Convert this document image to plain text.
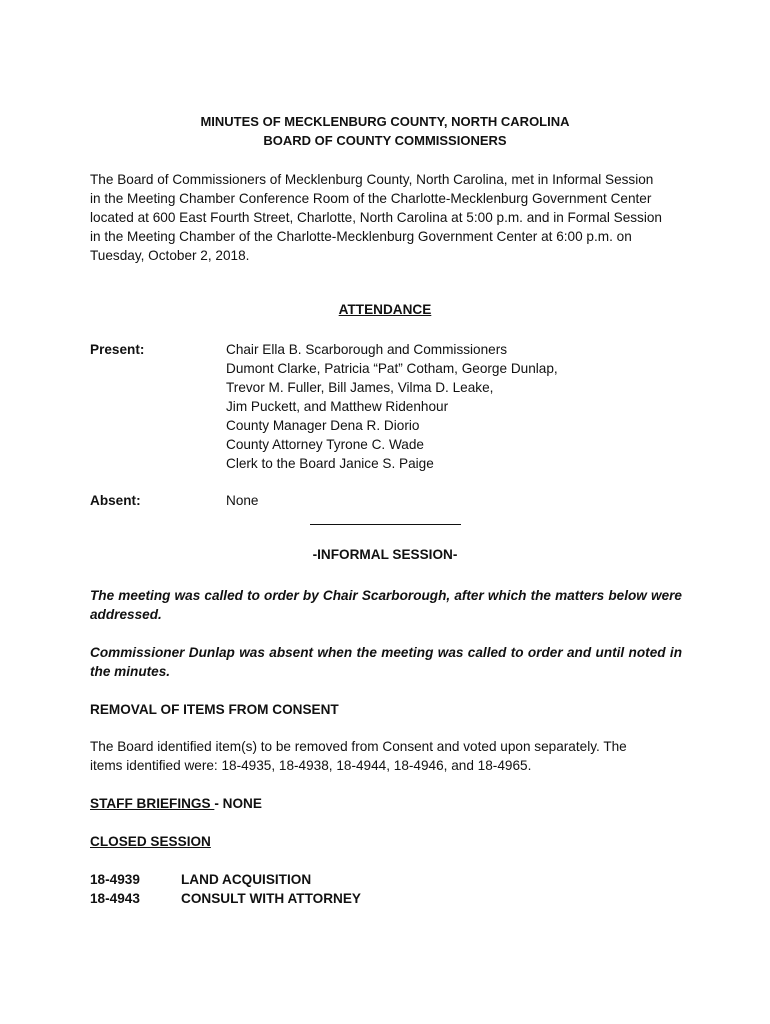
MINUTES OF MECKLENBURG COUNTY, NORTH CAROLINA
BOARD OF COUNTY COMMISSIONERS
The Board of Commissioners of Mecklenburg County, North Carolina, met in Informal Session
in the Meeting Chamber Conference Room of the Charlotte-Mecklenburg Government Center
located at 600 East Fourth Street, Charlotte, North Carolina at 5:00 p.m. and in Formal Session
in the Meeting Chamber of the Charlotte-Mecklenburg Government Center at 6:00 p.m. on
Tuesday, October 2, 2018.
ATTENDANCE
Present:	Chair Ella B. Scarborough and Commissioners
Dumont Clarke, Patricia “Pat” Cotham, George Dunlap,
Trevor M. Fuller, Bill James, Vilma D. Leake,
Jim Puckett, and Matthew Ridenhour
County Manager Dena R. Diorio
County Attorney Tyrone C. Wade
Clerk to the Board Janice S. Paige
Absent:	None
-INFORMAL SESSION-
The meeting was called to order by Chair Scarborough, after which the matters below were addressed.
Commissioner Dunlap was absent when the meeting was called to order and until noted in the minutes.
REMOVAL OF ITEMS FROM CONSENT
The Board identified item(s) to be removed from Consent and voted upon separately. The
items identified were: 18-4935, 18-4938, 18-4944, 18-4946, and 18-4965.
STAFF BRIEFINGS - NONE
CLOSED SESSION
18-4939	LAND ACQUISITION
18-4943	CONSULT WITH ATTORNEY
